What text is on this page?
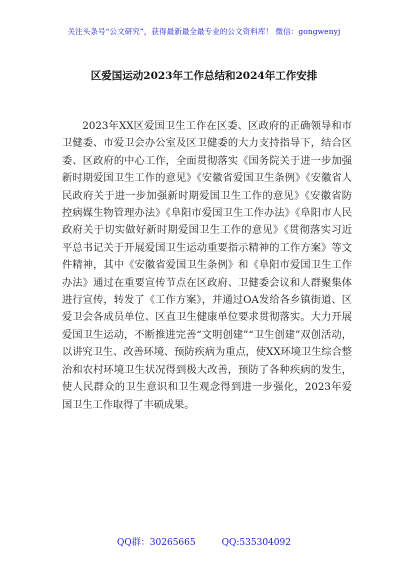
关注头条号“公文研究”，获得最新最全最专业的公文资料库！ 微信：gongwenyj
区爱国运动2023年工作总结和2024年工作安排

2023年XX区爱国卫生工作在区委、区政府的正确领导和市卫健委、市爱卫会办公室及区卫健委的大力支持指导下，结合区委、区政府的中心工作，全面贯彻落实《国务院关于进一步加强新时期爱国卫生工作的意见》《安徽省爱国卫生条例》《安徽省人民政府关于进一步加强新时期爱国卫生工作的意见》《安徽省防控病媒生物管理办法》《阜阳市爱国卫生工作办法》《阜阳市人民政府关于切实做好新时期爱国卫生工作的意见》《贯彻落实习近平总书记关于开展爱国卫生运动重要指示精神的工作方案》等文件精神，其中《安徽省爱国卫生条例》和《阜阳市爱国卫生工作办法》通过在重要宣传节点在区政府、卫健委会议和人群聚集体进行宣传，转发了《工作方案》，并通过OA发给各乡镇街道、区爱卫会各成员单位、区直卫生健康单位要求贯彻落实。大力开展爱国卫生运动，不断推进完善“文明创建”“卫生创建”双创活动，以讲究卫生、改善环境、预防疾病为重点，使XX环境卫生综合整治和农村环境卫生状况得到极大改善，预防了各种疾病的发生，使人民群众的卫生意识和卫生观念得到进一步强化，2023年爱国卫生工作取得了丰硕成果。

QQ群：30265665	QQ:535304092
